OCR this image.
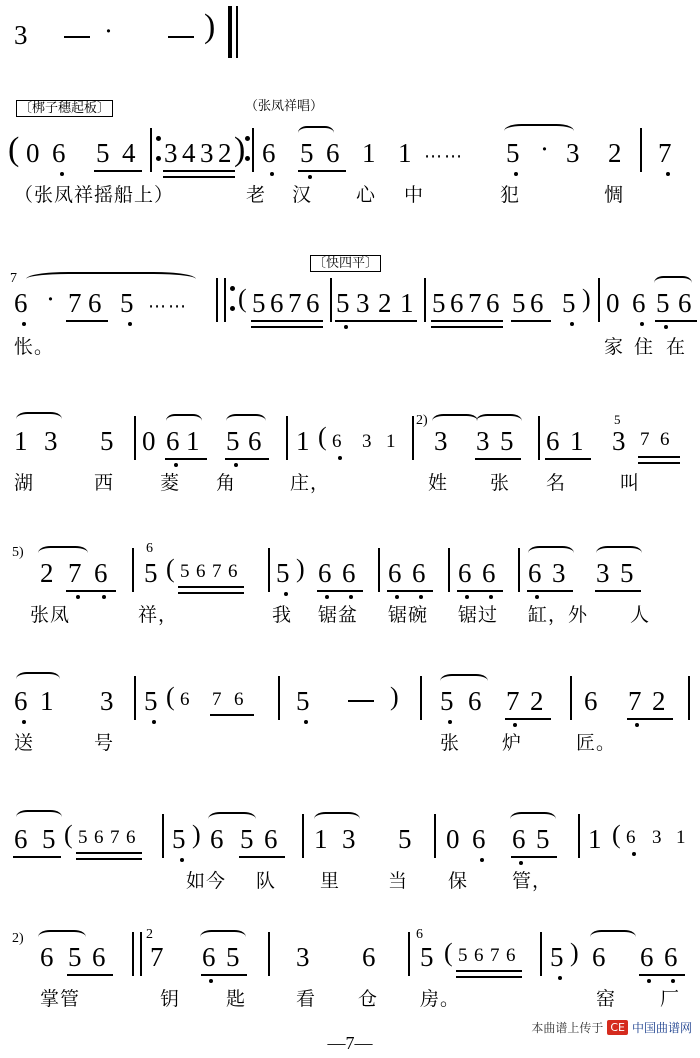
3	·	)
〔梆子穗起板〕	（张凤祥唱）
( 0 6 5 4 3 4 3 2 ) 6 5 6 1 1 ⋯⋯ 5 · 3 2 7
（张凤祥摇船上）	老 汉 心 中	犯	惆
〔快四平〕
7
6 · 7 6 5 ⋯⋯ ( 5 6 7 6 5 3 2 1 5 6 7 6 5 6 5 ) 0 6 5 6
怅。	家 住 在
1 3 5 0 6 1 5 6 1 ( 6 3 1
2)
3 3 5 6 1
5
3 7 6
湖	西 菱 角	庄，	姓 张 名	叫
5)
2 7 6
6
5 ( 5 6 7 6 5 ) 6 6 6 6 6 6 6 3 3 5
张凤	祥，	我 锯盆 锯碗 锯过 缸，外 人
6 1 3 5 ( 6 7 6 5	) 5 6 7 2 6 7 2
送	号	张 炉	匠。
6 5 ( 5 6 7 6 5 ) 6 5 6 1 3 5 0 6 6 5 1 ( 6 3 1
如今 队 里	当 保 管，
2)
6 5 6
2
7 6 5 3 6
6
5 ( 5 6 7 6 5 ) 6 6 6
掌管	钥 匙	看 仓 房。	窑 厂
本曲谱上传于 CE 中国曲谱网
—7—
